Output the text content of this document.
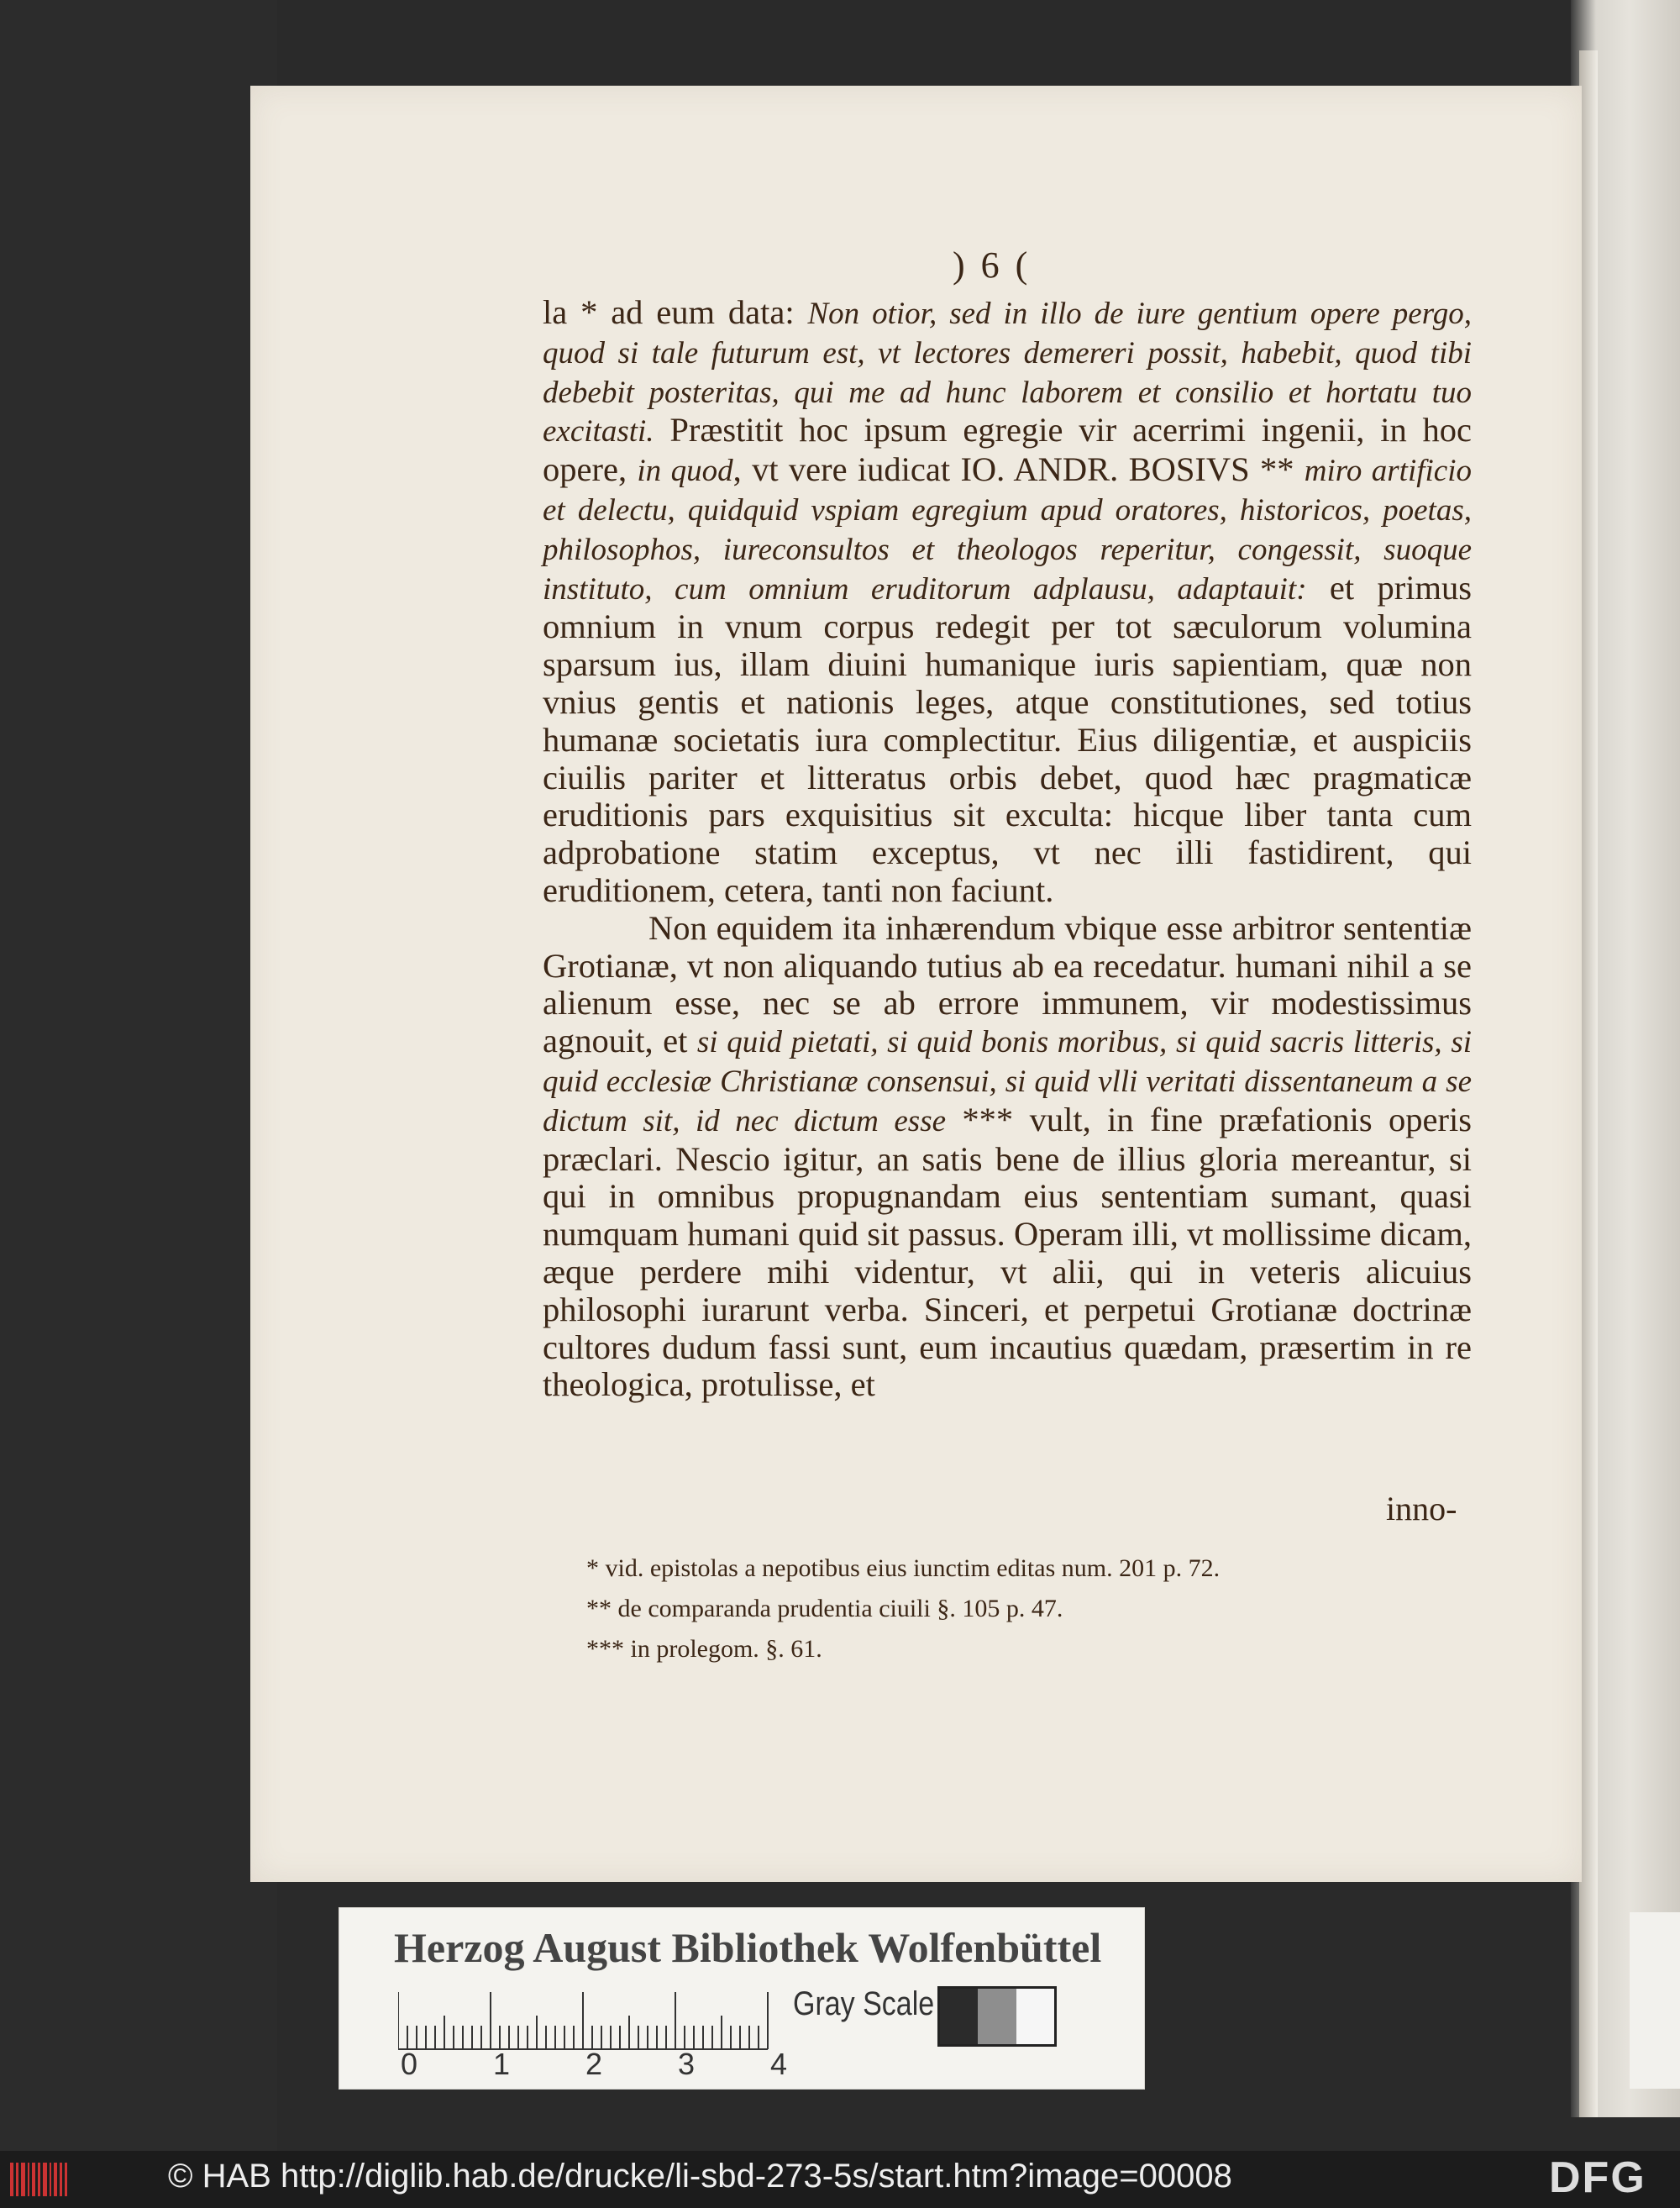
) 6 (

la * ad eum data: Non otior, sed in illo de iure gentium opere pergo, quod si tale futurum est, vt lectores demereri possit, habebit, quod tibi debebit posteritas, qui me ad hunc laborem et consilio et hortatu tuo excitasti. Præstitit hoc ipsum egregie vir acerrimi ingenii, in hoc opere, in quod, vt vere iudicat IO. ANDR. BOSIVS ** miro artificio et delectu, quidquid vspiam egregium apud oratores, historicos, poetas, philosophos, iureconsultos et theologos reperitur, congessit, suoque instituto, cum omnium eruditorum adplausu, adaptauit: et primus omnium in vnum corpus redegit per tot sæculorum volumina sparsum ius, illam diuini humanique iuris sapientiam, quæ non vnius gentis et nationis leges, atque constitutiones, sed totius humanæ societatis iura complectitur. Eius diligentiæ, et auspiciis ciuilis pariter et litteratus orbis debet, quod hæc pragmaticæ eruditionis pars exquisitius sit exculta: hicque liber tanta cum adprobatione statim exceptus, vt nec illi fastidirent, qui eruditionem, cetera, tanti non faciunt.

Non equidem ita inhærendum vbique esse arbitror sententiæ Grotianæ, vt non aliquando tutius ab ea recedatur. humani nihil a se alienum esse, nec se ab errore immunem, vir modestissimus agnouit, et si quid pietati, si quid bonis moribus, si quid sacris litteris, si quid ecclesiæ Christianæ consensui, si quid vlli veritati dissentaneum a se dictum sit, id nec dictum esse *** vult, in fine præfationis operis præclari. Nescio igitur, an satis bene de illius gloria mereantur, si qui in omnibus propugnandam eius sententiam sumant, quasi numquam humani quid sit passus. Operam illi, vt mollissime dicam, æque perdere mihi videntur, vt alii, qui in veteris alicuius philosophi iurarunt verba. Sinceri, et perpetui Grotianæ doctrinæ cultores dudum fassi sunt, eum incautius quædam, præsertim in re theologica, protulisse, et

inno-
* vid. epistolas a nepotibus eius iunctim editas num. 201 p. 72.
** de comparanda prudentia ciuili §. 105 p. 47.
*** in prolegom. §. 61.
Herzog August Bibliothek Wolfenbüttel
0 1 2 3 4
Gray Scale
© HAB http://diglib.hab.de/drucke/li-sbd-273-5s/start.htm?image=00008	DFG
